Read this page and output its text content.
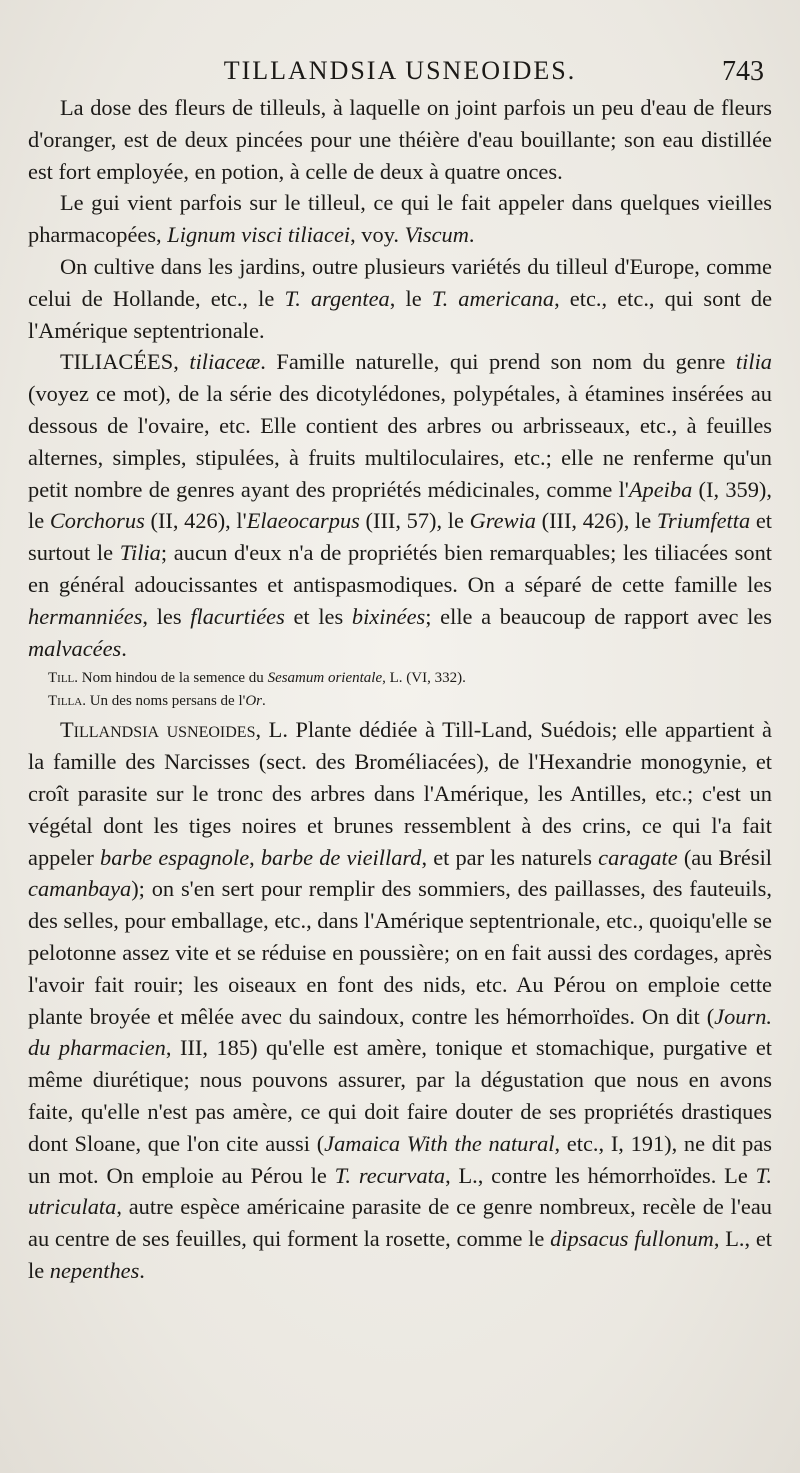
TILLANDSIA USNEOIDES.	743

La dose des fleurs de tilleuls, à laquelle on joint parfois un peu d'eau de fleurs d'oranger, est de deux pincées pour une théière d'eau bouillante; son eau distillée est fort employée, en potion, à celle de deux à quatre onces.

Le gui vient parfois sur le tilleul, ce qui le fait appeler dans quelques vieilles pharmacopées, Lignum visci tiliacei, voy. Viscum.

On cultive dans les jardins, outre plusieurs variétés du tilleul d'Europe, comme celui de Hollande, etc., le T. argentea, le T. americana, etc., etc., qui sont de l'Amérique septentrionale.

TILIACÉES, tiliaceæ. Famille naturelle, qui prend son nom du genre tilia (voyez ce mot), de la série des dicotylédones, polypétales, à étamines insérées au dessous de l'ovaire, etc. Elle contient des arbres ou arbrisseaux, etc., à feuilles alternes, simples, stipulées, à fruits multiloculaires, etc.; elle ne renferme qu'un petit nombre de genres ayant des propriétés médicinales, comme l'Apeiba (I, 359), le Corchorus (II, 426), l'Elaeocarpus (III, 57), le Grewia (III, 426), le Triumfetta et surtout le Tilia; aucun d'eux n'a de propriétés bien remarquables; les tiliacées sont en général adoucissantes et antispasmodiques. On a séparé de cette famille les hermanniées, les flacurtiées et les bixinées; elle a beaucoup de rapport avec les malvacées.

Till. Nom hindou de la semence du Sesamum orientale, L. (VI, 332).

Tilla. Un des noms persans de l'Or.

Tillandsia usneoides, L. Plante dédiée à Till-Land, Suédois; elle appartient à la famille des Narcisses (sect. des Broméliacées), de l'Hexandrie monogynie, et croît parasite sur le tronc des arbres dans l'Amérique, les Antilles, etc.; c'est un végétal dont les tiges noires et brunes ressemblent à des crins, ce qui l'a fait appeler barbe espagnole, barbe de vieillard, et par les naturels caragate (au Brésil camanbaya); on s'en sert pour remplir des sommiers, des paillasses, des fauteuils, des selles, pour emballage, etc., dans l'Amérique septentrionale, etc., quoiqu'elle se pelotonne assez vite et se réduise en poussière; on en fait aussi des cordages, après l'avoir fait rouir; les oiseaux en font des nids, etc. Au Pérou on emploie cette plante broyée et mêlée avec du saindoux, contre les hémorrhoïdes. On dit (Journ. du pharmacien, III, 185) qu'elle est amère, tonique et stomachique, purgative et même diurétique; nous pouvons assurer, par la dégustation que nous en avons faite, qu'elle n'est pas amère, ce qui doit faire douter de ses propriétés drastiques dont Sloane, que l'on cite aussi (Jamaica With the natural, etc., I, 191), ne dit pas un mot. On emploie au Pérou le T. recurvata, L., contre les hémorrhoïdes. Le T. utriculata, autre espèce américaine parasite de ce genre nombreux, recèle de l'eau au centre de ses feuilles, qui forment la rosette, comme le dipsacus fullonum, L., et le nepenthes.
